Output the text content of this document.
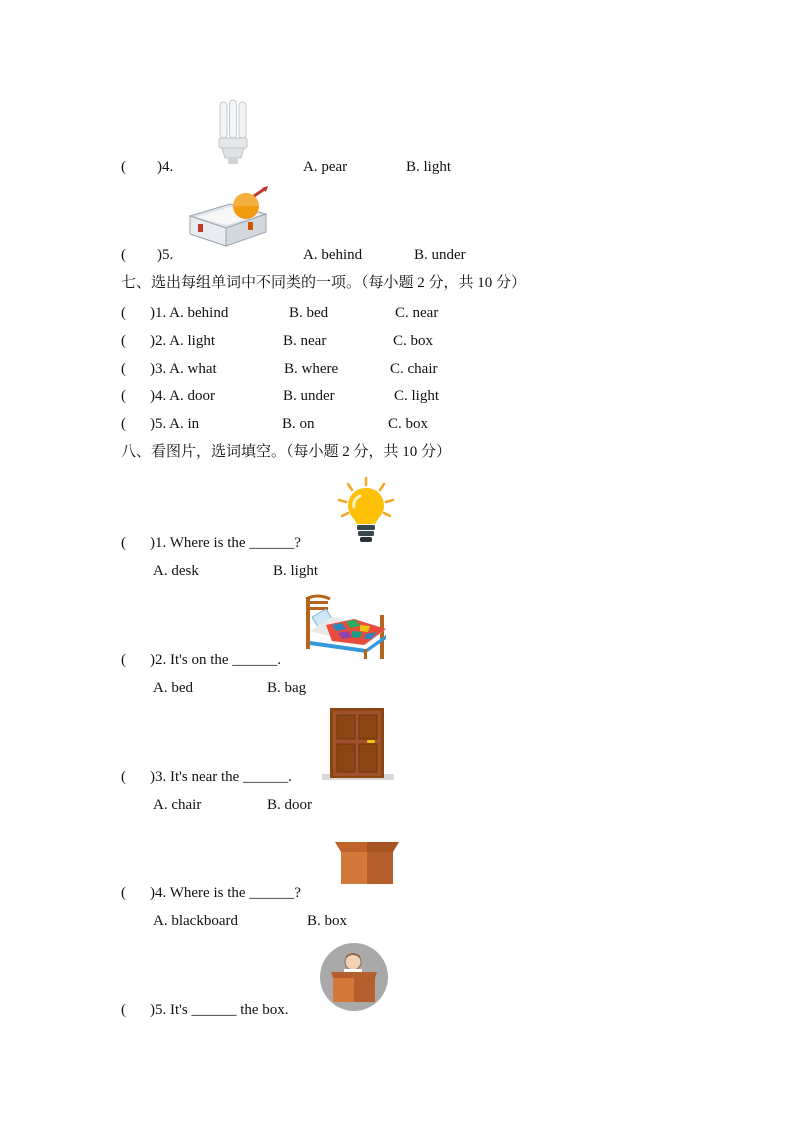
( )4.	A. pear	B. light
( )5.	A. behind	B. under
七、选出每组单词中不同类的一项。（每小题 2 分，共 10 分）
( )1. A. behind	B. bed	C. near
( )2. A. light	B. near	C. box
( )3. A. what	B. where	C. chair
( )4. A. door	B. under	C. light
( )5. A. in	B. on	C. box
八、看图片，选词填空。（每小题 2 分，共 10 分）
( )1. Where is the ______?
A. desk	B. light
( )2. It's on the ______.
A. bed	B. bag
( )3. It's near the ______.
A. chair	B. door
( )4. Where is the ______?
A. blackboard	B. box
( )5. It's ______ the box.
